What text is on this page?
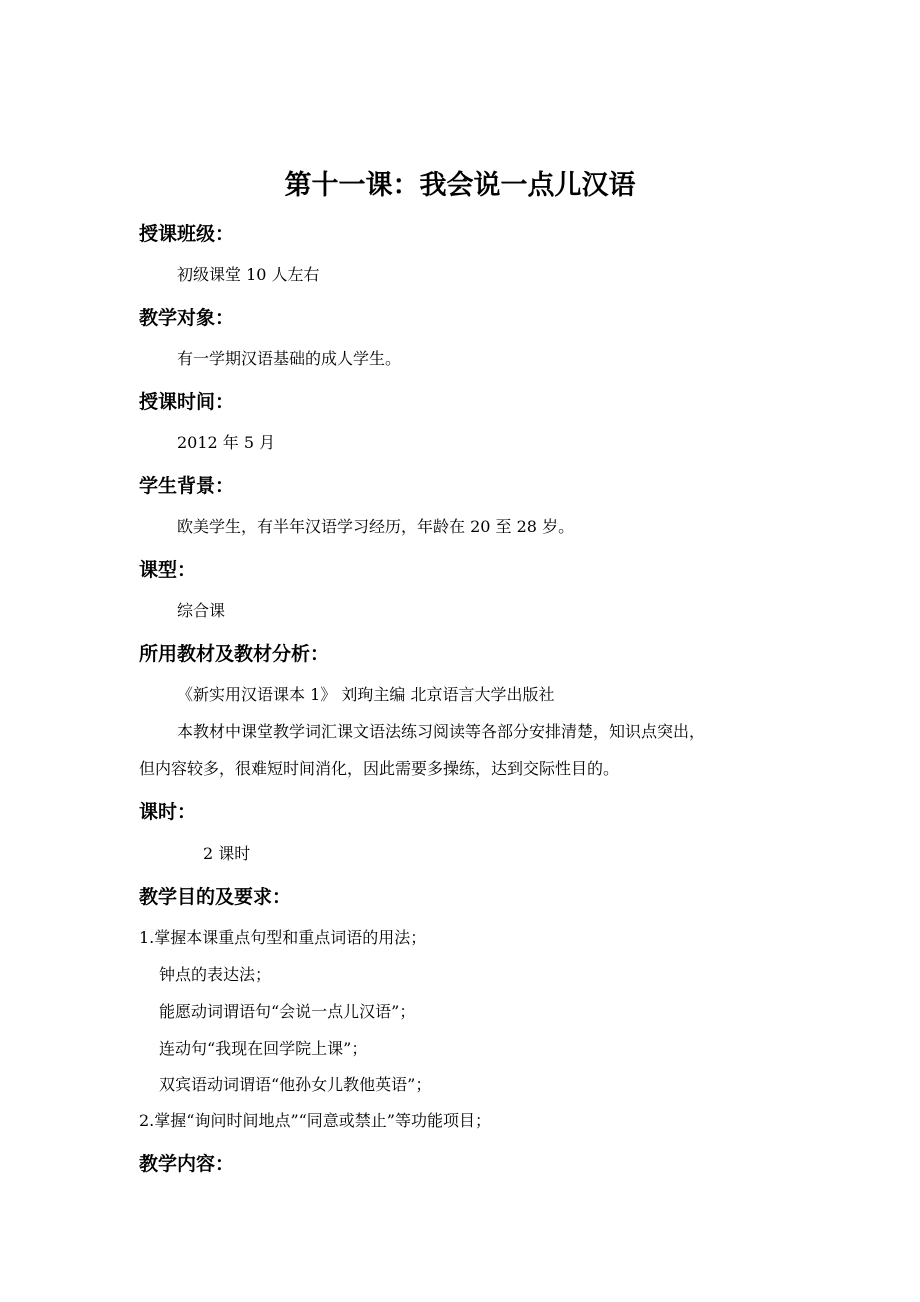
第十一课：我会说一点儿汉语
授课班级：

初级课堂 10 人左右

教学对象：

有一学期汉语基础的成人学生。

授课时间：

2012 年 5 月

学生背景：

欧美学生，有半年汉语学习经历，年龄在 20 至 28 岁。

课型：

综合课

所用教材及教材分析：

《新实用汉语课本 1》 刘珣主编 北京语言大学出版社

本教材中课堂教学词汇课文语法练习阅读等各部分安排清楚，知识点突出，

但内容较多，很难短时间消化，因此需要多操练，达到交际性目的。

课时：

2 课时

教学目的及要求：

1.掌握本课重点句型和重点词语的用法；

钟点的表达法；

能愿动词谓语句“会说一点儿汉语”；

连动句“我现在回学院上课”；

双宾语动词谓语“他孙女儿教他英语”；

2.掌握“询问时间地点”“同意或禁止”等功能项目；

教学内容：
